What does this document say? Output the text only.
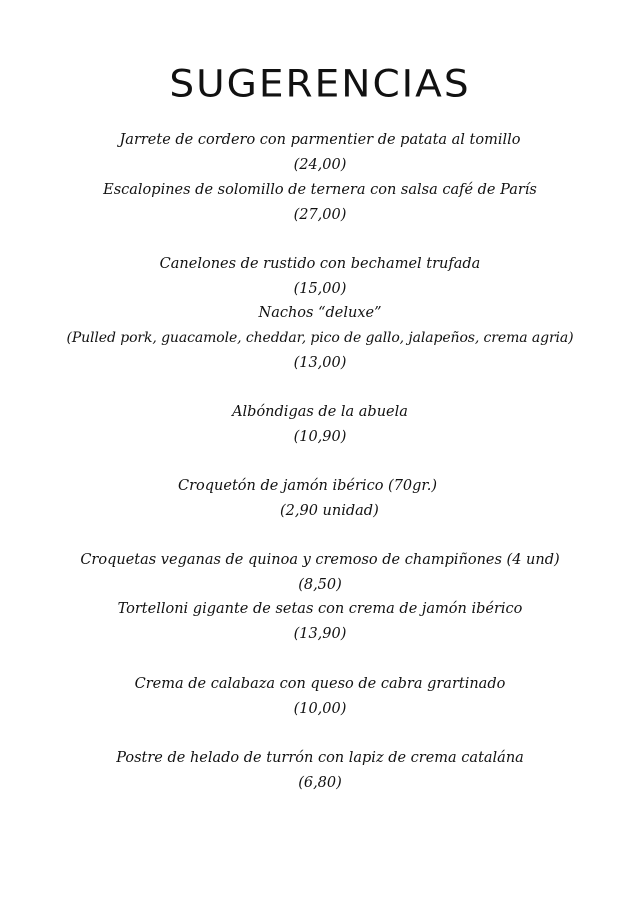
SUGERENCIAS
Jarrete de cordero con parmentier de patata al tomillo
(24,00)
Escalopines de solomillo de ternera con salsa café de París
(27,00)
Canelones de rustido con bechamel trufada
(15,00)
Nachos “deluxe”
(Pulled pork, guacamole, cheddar, pico de gallo, jalapeños, crema agria)
(13,00)
Albóndigas de la abuela
(10,90)
Croquetón de jamón ibérico (70gr.)
(2,90 unidad)
Croquetas veganas de quinoa y cremoso de champiñones (4 und)
(8,50)
Tortelloni gigante de setas con crema de jamón ibérico
(13,90)
Crema de calabaza con queso de cabra grartinado
(10,00)
Postre de helado de turrón con lapiz de crema catalána
(6,80)
